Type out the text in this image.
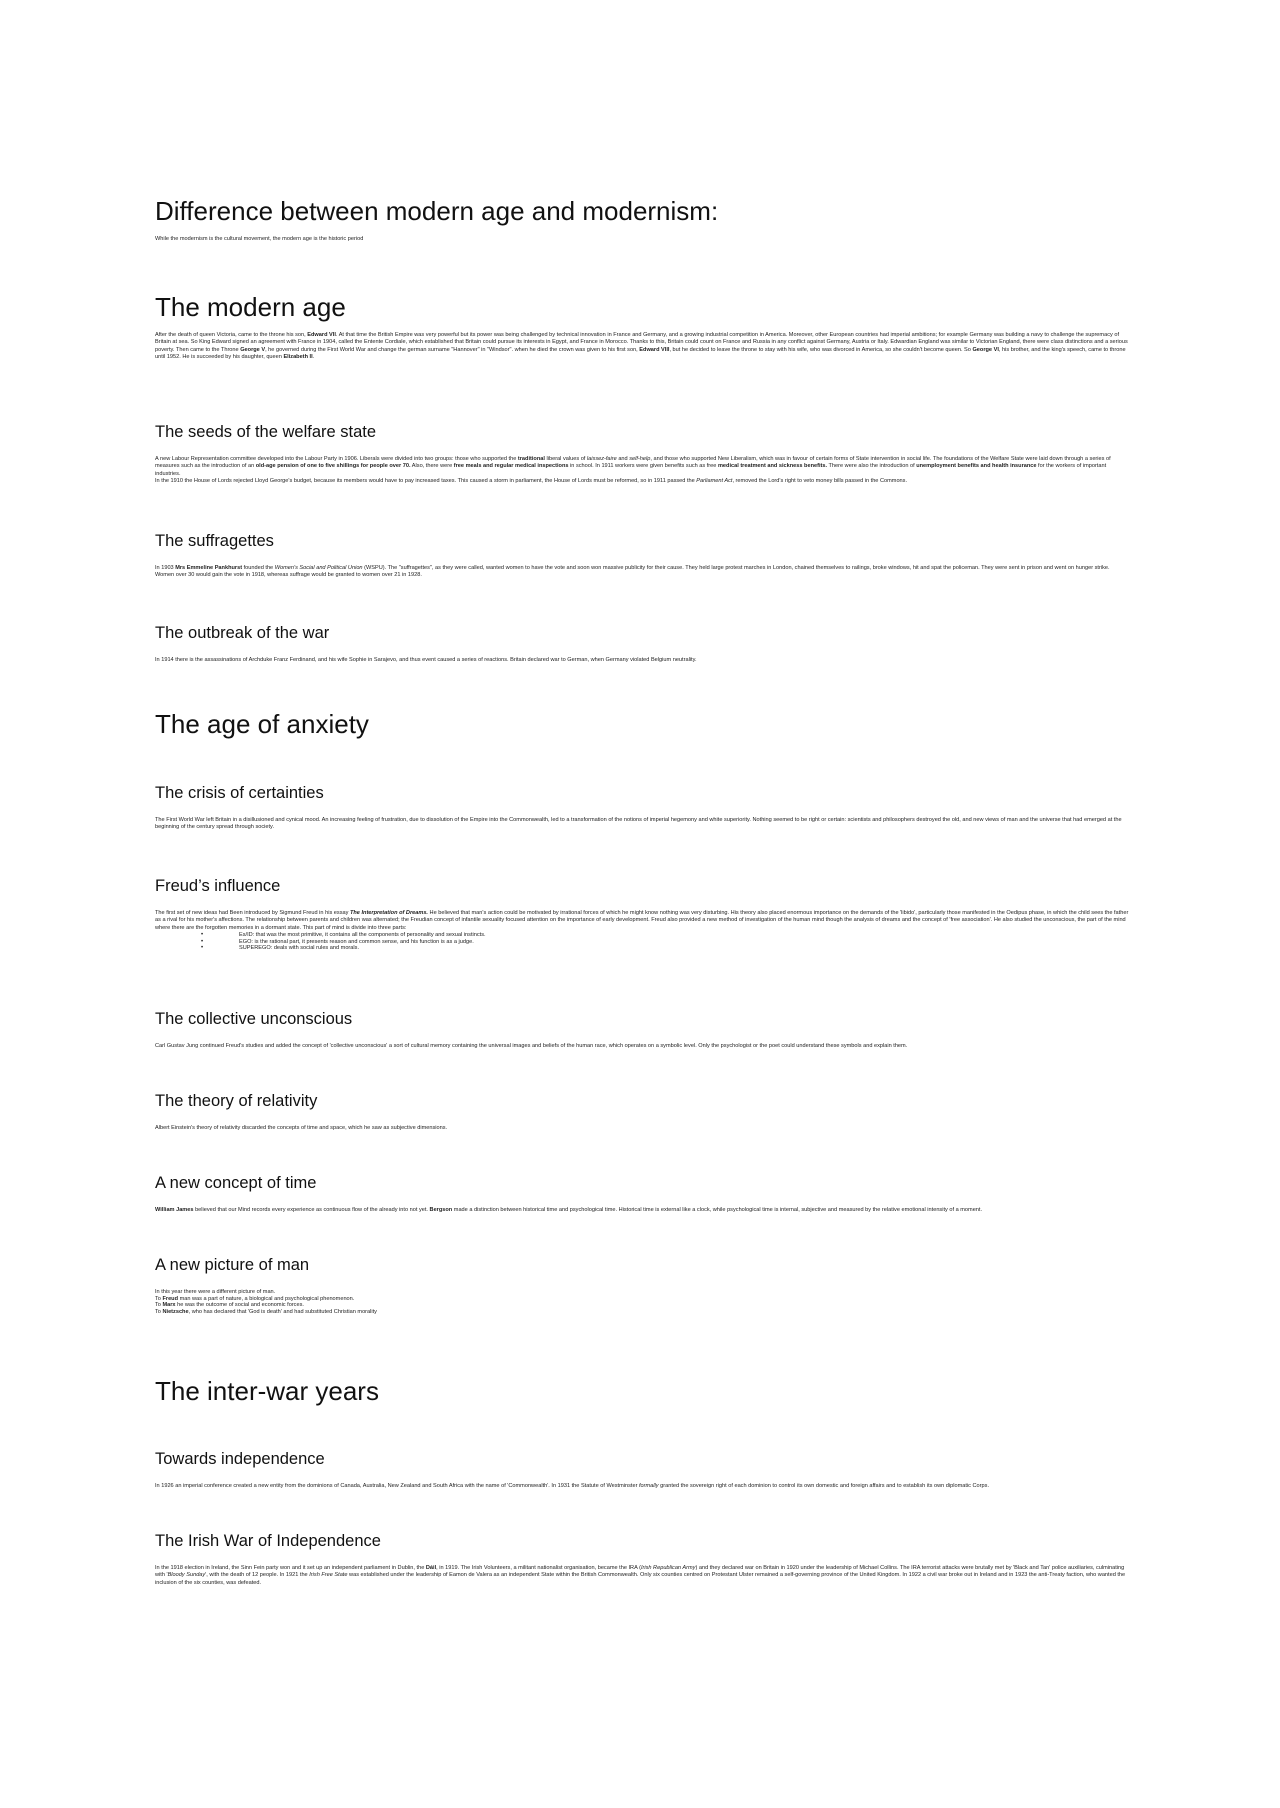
Difference between modern age and modernism:

While the modernism is the cultural movement, the modern age is the historic period

The modern age

After the death of queen Victoria, came to the throne his son, Edward VII. At that time the British Empire was very powerful but its power was being challenged by technical innovation in France and Germany, and a growing industrial competition in America. Moreover, other European countries had imperial ambitions; for example Germany was building a navy to challenge the supremacy of Britain at sea. So King Edward signed an agreement with France in 1904, called the Entente Cordiale, which established that Britain could pursue its interests in Egypt, and France in Morocco. Thanks to this, Britain could count on France and Russia in any conflict against Germany, Austria or Italy. Edwardian England was similar to Victorian England, there were class distinctions and a serious poverty. Then came to the Throne George V, he governed during the First World War and change the german surname "Hannover" in "Windsor". when he died the crown was given to his first son, Edward VIII, but he decided to leave the throne to stay with his wife, who was divorced in America, so she couldn't become queen. So George VI, his brother, and the king's speech, came to throne until 1952. He is succeeded by his daughter, queen Elizabeth II.

The seeds of the welfare state

A new Labour Representation committee developed into the Labour Party in 1906. Liberals were divided into two groups: those who supported the traditional liberal values of laissez-faire and self-help, and those who supported New Liberalism, which was in favour of certain forms of State intervention in social life. The foundations of the Welfare State were laid down through a series of measures such as the introduction of an old-age pension of one to five shillings for people over 70. Also, there were free meals and regular medical inspections in school. In 1911 workers were given benefits such as free medical treatment and sickness benefits. There were also the introduction of unemployment benefits and health insurance for the workers of important industries.

In the 1910 the House of Lords rejected Lloyd George's budget, because its members would have to pay increased taxes. This caused a storm in parliament, the House of Lords must be reformed, so in 1911 passed the Parliament Act, removed the Lord's right to veto money bills passed in the Commons.

The suffragettes

In 1903 Mrs Emmeline Pankhurst founded the Women's Social and Political Union (WSPU). The "suffragettes", as they were called, wanted women to have the vote and soon won massive publicity for their cause. They held large protest marches in London, chained themselves to railings, broke windows, hit and spat the policeman. They were sent in prison and went on hunger strike. Women over 30 would gain the vote in 1918, whereas suffrage would be granted to women over 21 in 1928.

The outbreak of the war

In 1914 there is the assassinations of Archduke Franz Ferdinand, and his wife Sophie in Sarajevo, and thus event caused a series of reactions. Britain declared war to German, when Germany violated Belgium neutrality.

The age of anxiety
The crisis of certainties

The First World War left Britain in a disillusioned and cynical mood. An increasing feeling of frustration, due to dissolution of the Empire into the Commonwealth, led to a transformation of the notions of imperial hegemony and white superiority. Nothing seemed to be right or certain: scientists and philosophers destroyed the old, and new views of man and the universe that had emerged at the beginning of the century spread through society.

Freud’s influence

The first set of new ideas had Been introduced by Sigmund Freud in his essay The Interpretation of Dreams. He believed that man's action could be motivated by irrational forces of which he might know nothing was very disturbing. His theory also placed enormous importance on the demands of the 'libido', particularly those manifested in the Oedipus phase, in which the child sees the father as a rival for his mother's affections. The relationship between parents and children was alternated; the Freudian concept of infantile sexuality focused attention on the importance of early development. Freud also provided a new method of investigation of the human mind though the analysis of dreams and the concept of 'free association'. He also studied the unconscious, the part of the mind where there are the forgotten memories in a dormant state. This part of mind is divide into three parts:

• Es/ID: that was the most primitive, it contains all the components of personality and sexual instincts.
• EGO: is the rational part, it presents reason and common sense, and his function is as a judge.
• SUPEREGO: deals with social rules and morals.
The collective unconscious

Carl Gustav Jung continued Freud's studies and added the concept of 'collective unconscious' a sort of cultural memory containing the universal images and beliefs of the human race, which operates on a symbolic level. Only the psychologist or the poet could understand these symbols and explain them.

The theory of relativity

Albert Einstein's theory of relativity discarded the concepts of time and space, which he saw as subjective dimensions.

A new concept of time

William James believed that our Mind records every experience as continuous flow of the already into not yet. Bergson made a distinction between historical time and psychological time. Historical time is external like a clock, while psychological time is internal, subjective and measured by the relative emotional intensity of a moment.

A new picture of man

In this year there were a different picture of man.
To Freud man was a part of nature, a biological and psychological phenomenon.
To Marx he was the outcome of social and economic forces.
To Nietzsche, who has declared that 'God is death' and had substituted Christian morality

The inter-war years
Towards independence

In 1926 an imperial conference created a new entity from the dominions of Canada, Australia, New Zealand and South Africa with the name of 'Commonwealth'. In 1931 the Statute of Westminster formally granted the sovereign right of each dominion to control its own domestic and foreign affairs and to establish its own diplomatic Corps.

The Irish War of Independence

In the 1918 election in Ireland, the Sinn Fein party won and it set up an independent parliament in Dublin, the Dáil, in 1919. The Irish Volunteers, a militant nationalist organisation, became the IRA (Irish Republican Army) and they declared war on Britain in 1920 under the leadership of Michael Collins. The IRA terrorist attacks were brutally met by 'Black and Tan' police auxiliaries, culminating with 'Bloody Sunday', with the death of 12 people. In 1921 the Irish Free State was established under the leadership of Eamon de Valera as an independent State within the British Commonwealth. Only six counties centred on Protestant Ulster remained a self-governing province of the United Kingdom. In 1922 a civil war broke out in Ireland and in 1923 the anti-Treaty faction, who wanted the inclusion of the six counties, was defeated.
